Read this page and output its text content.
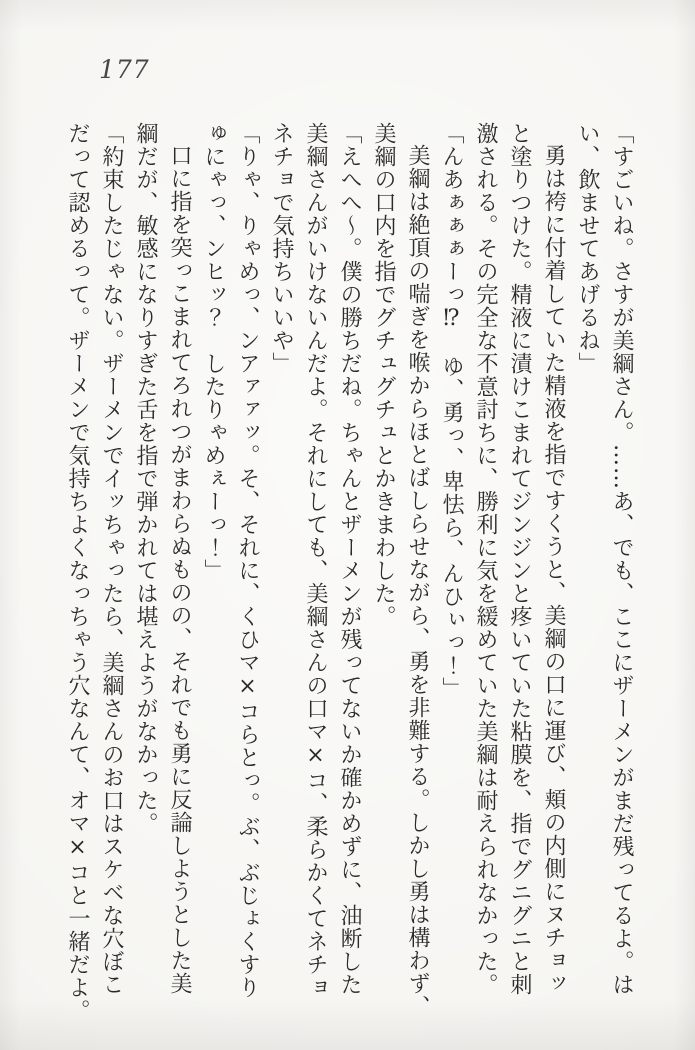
177
「すごいね。さすが美綱さん。……あ、でも、ここにザーメンがまだ残ってるよ。は
い、飲ませてあげるね」
勇は袴に付着していた精液を指ですくうと、美綱の口に運び、頬の内側にヌチョッ
と塗りつけた。精液に漬けこまれてジンジンと疼いていた粘膜を、指でグニグニと刺
激される。その完全な不意討ちに、勝利に気を緩めていた美綱は耐えられなかった。
「んあぁぁぁーっ⁉　ゆ、勇っ、卑怯ら、んひぃっ！」
美綱は絶頂の喘ぎを喉からほとばしらせながら、勇を非難する。しかし勇は構わず、
美綱の口内を指でグチュグチュとかきまわした。
「えへへ〜。僕の勝ちだね。ちゃんとザーメンが残ってないか確かめずに、油断した
美綱さんがいけないんだよ。それにしても、美綱さんの口マ×コ、柔らかくてネチョ
ネチョで気持ちいいや」
「りゃ、りゃめっ、ンアァァッ。そ、それに、くひマ×コらとっ。ぶ、ぶじょくすり
ゅにゃっ、ンヒッ？　したりゃめぇーっ！」
口に指を突っこまれてろれつがまわらぬものの、それでも勇に反論しようとした美
綱だが、敏感になりすぎた舌を指で弾かれては堪えようがなかった。
「約束したじゃない。ザーメンでイッちゃったら、美綱さんのお口はスケベな穴ぼこ
だって認めるって。ザーメンで気持ちよくなっちゃう穴なんて、オマ×コと一緒だよ。
